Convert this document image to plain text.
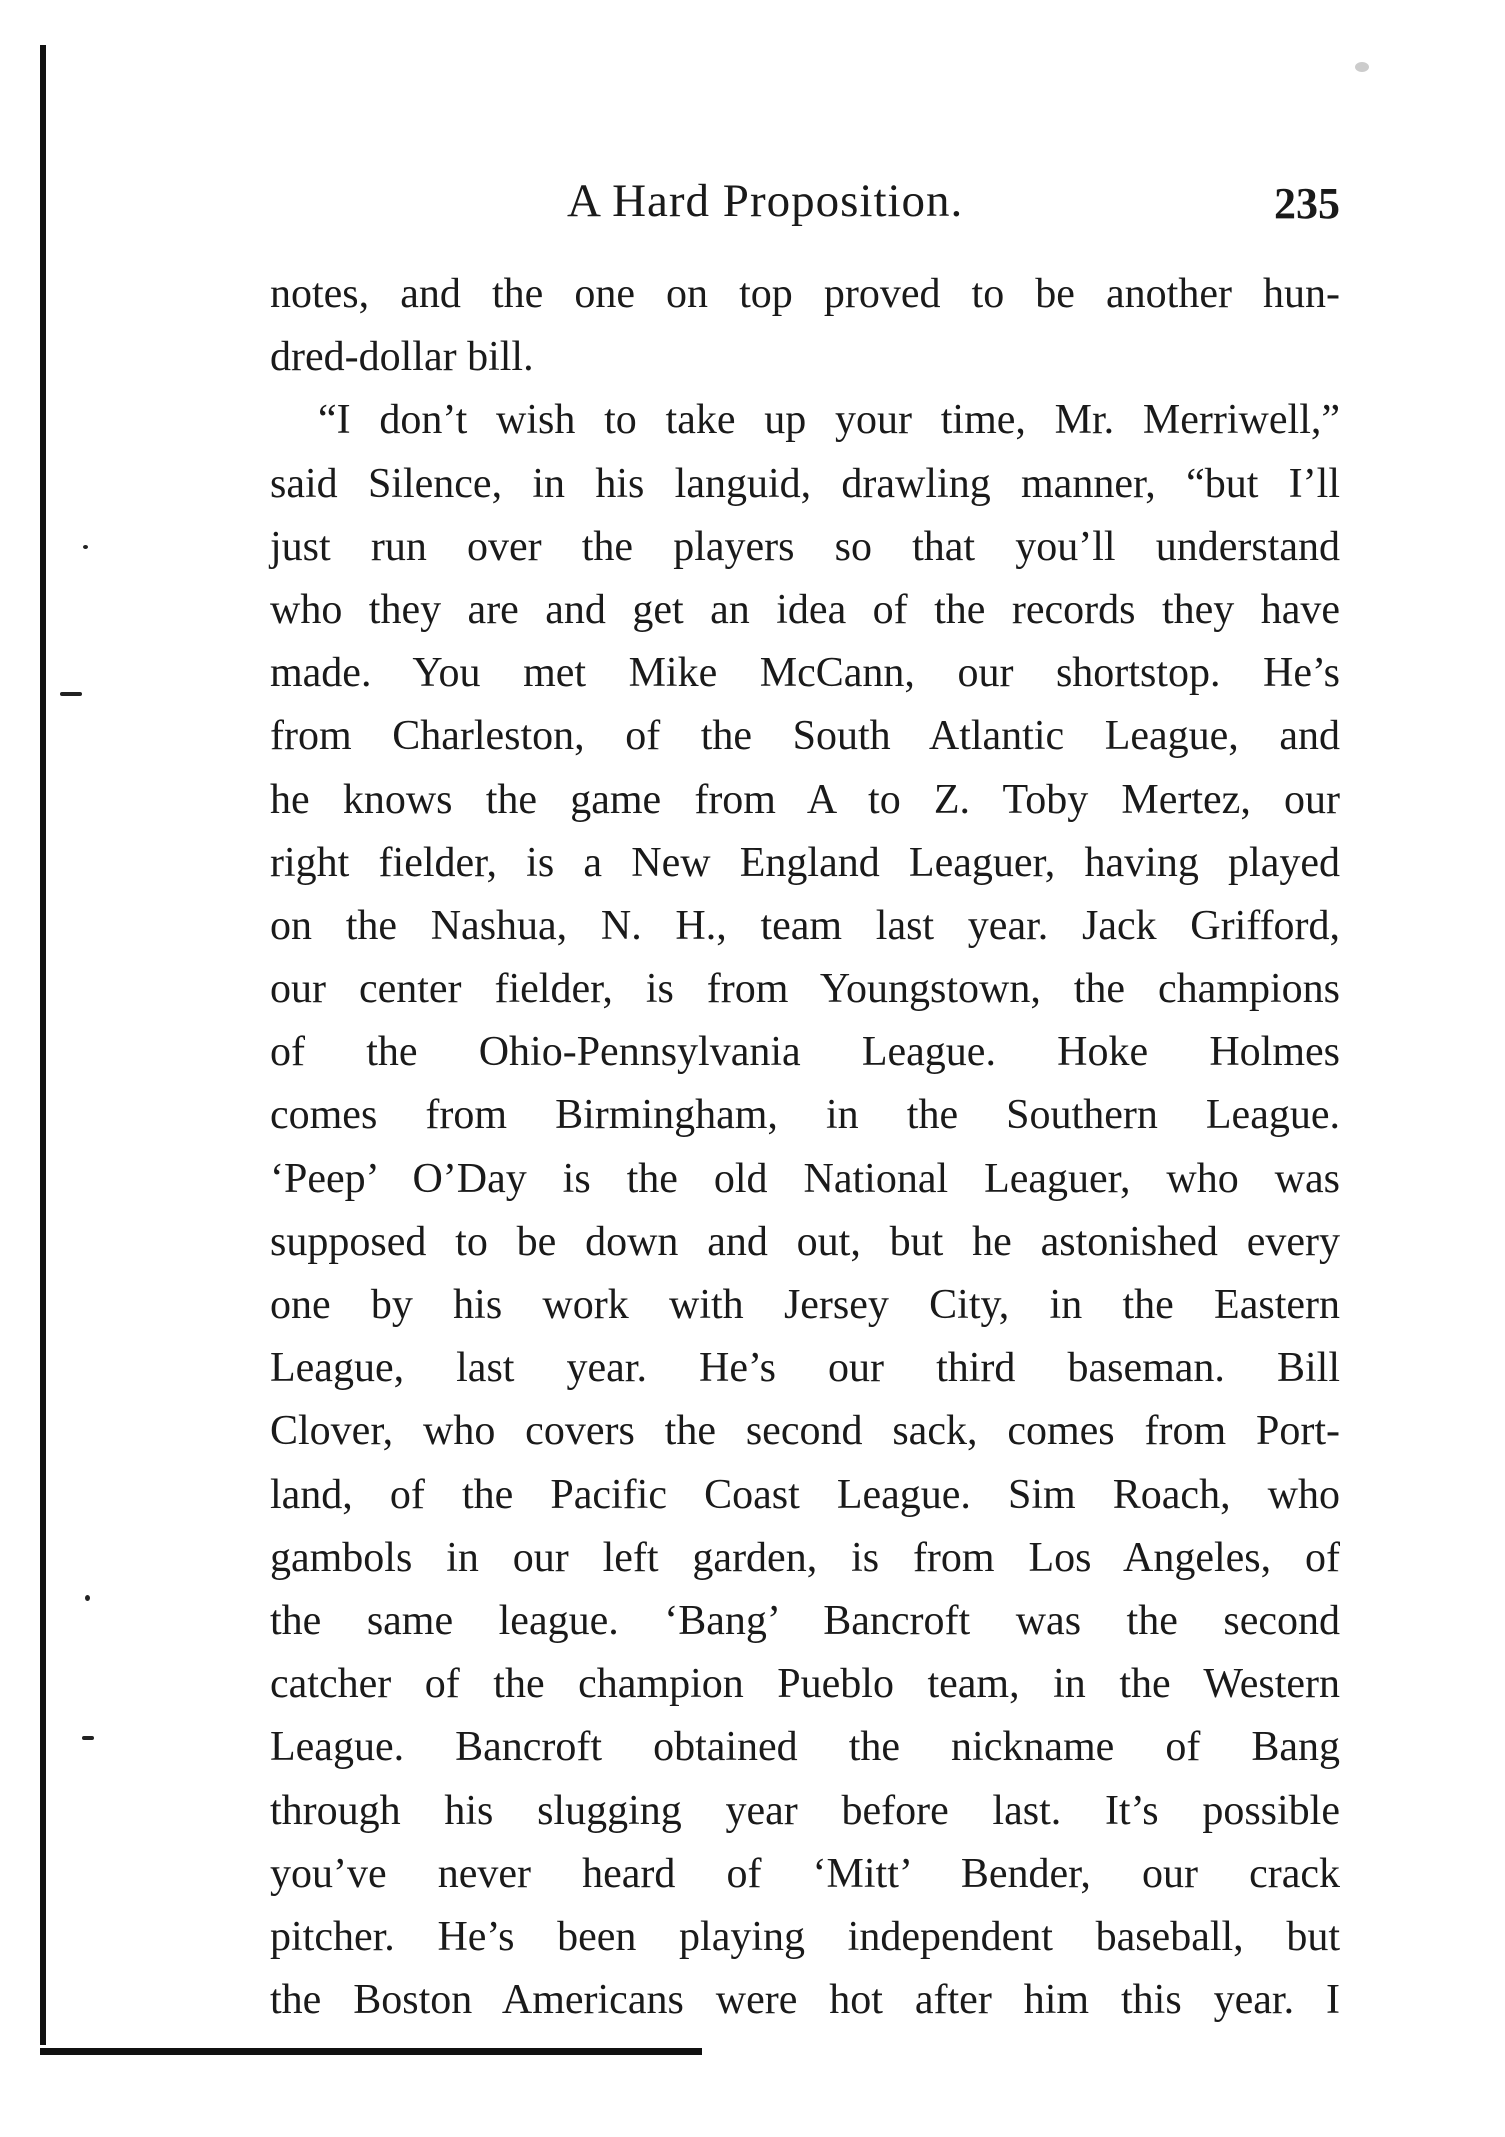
A Hard Proposition.	235
notes, and the one on top proved to be another hun-
dred-dollar bill.
“I don’t wish to take up your time, Mr. Merriwell,”
said Silence, in his languid, drawling manner, “but I’ll
just run over the players so that you’ll understand
who they are and get an idea of the records they have
made. You met Mike McCann, our shortstop. He’s
from Charleston, of the South Atlantic League, and
he knows the game from A to Z. Toby Mertez, our
right fielder, is a New England Leaguer, having played
on the Nashua, N. H., team last year. Jack Grifford,
our center fielder, is from Youngstown, the champions
of the Ohio-Pennsylvania League. Hoke Holmes
comes from Birmingham, in the Southern League.
‘Peep’ O’Day is the old National Leaguer, who was
supposed to be down and out, but he astonished every
one by his work with Jersey City, in the Eastern
League, last year. He’s our third baseman. Bill
Clover, who covers the second sack, comes from Port-
land, of the Pacific Coast League. Sim Roach, who
gambols in our left garden, is from Los Angeles, of
the same league. ‘Bang’ Bancroft was the second
catcher of the champion Pueblo team, in the Western
League. Bancroft obtained the nickname of Bang
through his slugging year before last. It’s possible
you’ve never heard of ‘Mitt’ Bender, our crack
pitcher. He’s been playing independent baseball, but
the Boston Americans were hot after him this year. I
